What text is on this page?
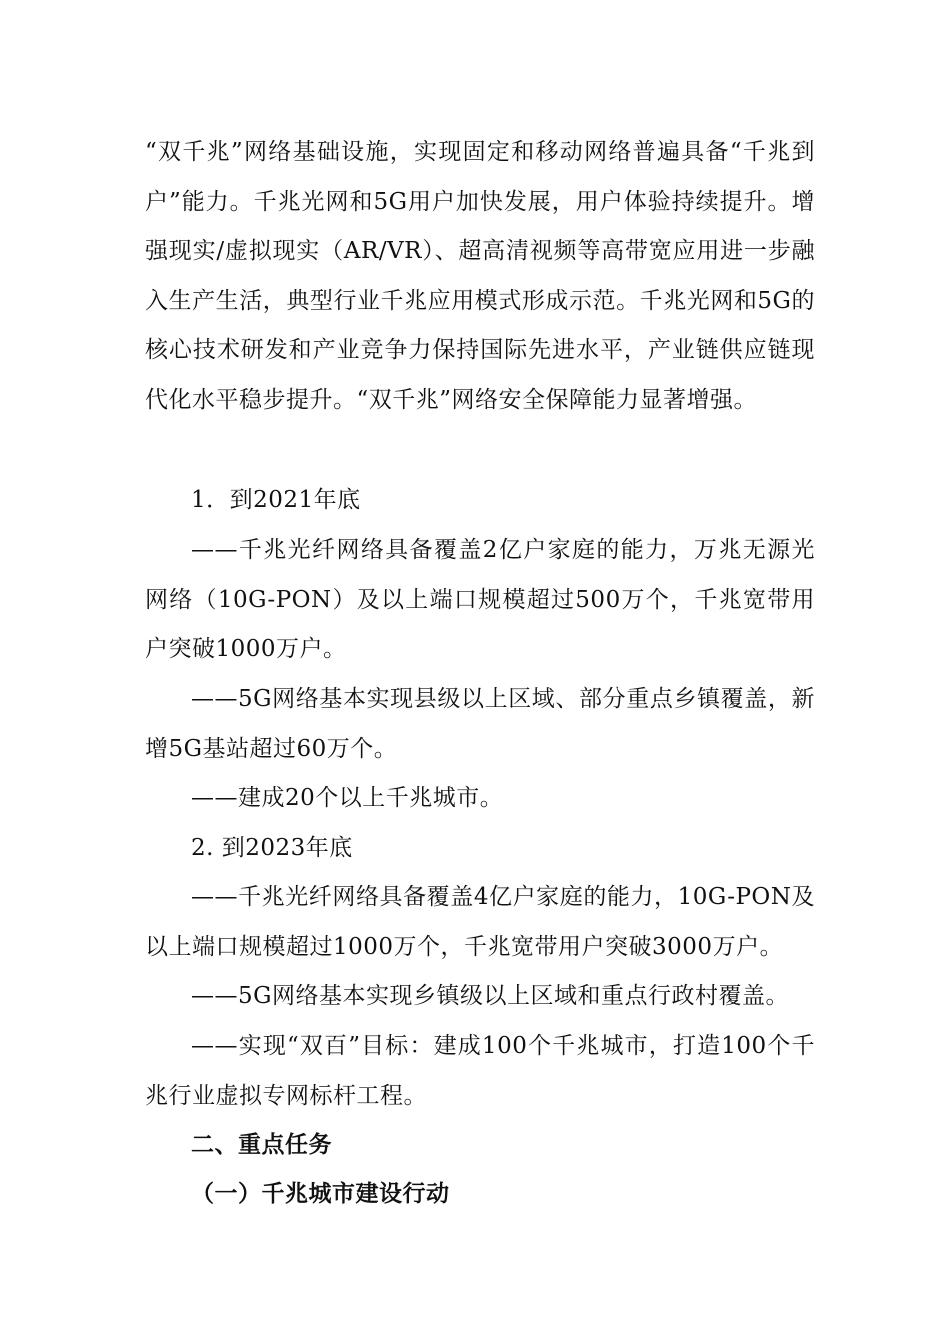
“双千兆”网络基础设施，实现固定和移动网络普遍具备“千兆到户”能力。千兆光网和5G用户加快发展，用户体验持续提升。增强现实/虚拟现实（AR/VR）、超高清视频等高带宽应用进一步融入生产生活，典型行业千兆应用模式形成示范。千兆光网和5G的核心技术研发和产业竞争力保持国际先进水平，产业链供应链现代化水平稳步提升。“双千兆”网络安全保障能力显著增强。

1．到2021年底

——千兆光纤网络具备覆盖2亿户家庭的能力，万兆无源光网络（10G-PON）及以上端口规模超过500万个，千兆宽带用户突破1000万户。

——5G网络基本实现县级以上区域、部分重点乡镇覆盖，新增5G基站超过60万个。

——建成20个以上千兆城市。

2. 到2023年底

——千兆光纤网络具备覆盖4亿户家庭的能力，10G-PON及以上端口规模超过1000万个，千兆宽带用户突破3000万户。

——5G网络基本实现乡镇级以上区域和重点行政村覆盖。

——实现“双百”目标：建成100个千兆城市，打造100个千兆行业虚拟专网标杆工程。

二、重点任务

（一）千兆城市建设行动
